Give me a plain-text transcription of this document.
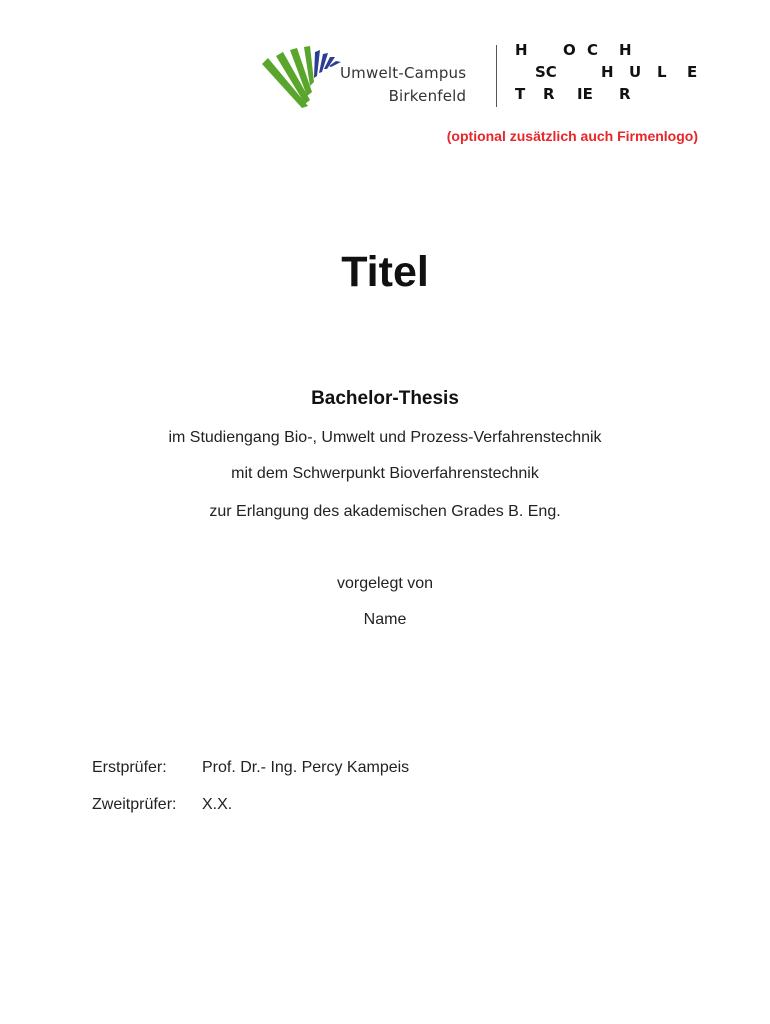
Umwelt-Campus
Birkenfeld
H O C H
SC	H U L E
T R IE R
(optional zusätzlich auch Firmenlogo)
Titel
Bachelor-Thesis
im Studiengang Bio-, Umwelt und Prozess-Verfahrenstechnik
mit dem Schwerpunkt Bioverfahrenstechnik
zur Erlangung des akademischen Grades B. Eng.
vorgelegt von
Name
Erstprüfer: Prof. Dr.- Ing. Percy Kampeis
Zweitprüfer: X.X.
